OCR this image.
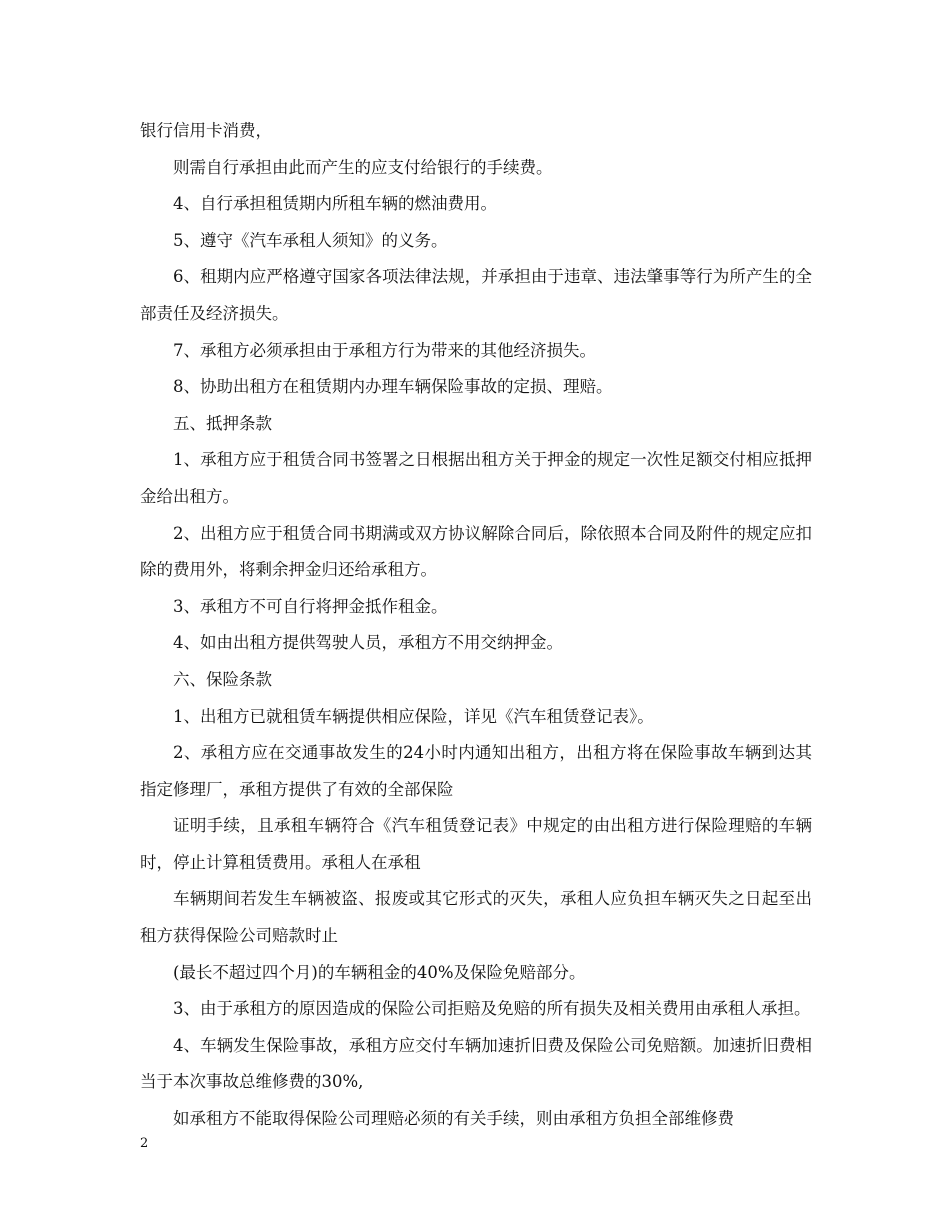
银行信用卡消费，

则需自行承担由此而产生的应支付给银行的手续费。

4、自行承担租赁期内所租车辆的燃油费用。

5、遵守《汽车承租人须知》的义务。

6、租期内应严格遵守国家各项法律法规，并承担由于违章、违法肇事等行为所产生的全部责任及经济损失。

7、承租方必须承担由于承租方行为带来的其他经济损失。

8、协助出租方在租赁期内办理车辆保险事故的定损、理赔。

五、抵押条款

1、承租方应于租赁合同书签署之日根据出租方关于押金的规定一次性足额交付相应抵押金给出租方。

2、出租方应于租赁合同书期满或双方协议解除合同后，除依照本合同及附件的规定应扣除的费用外，将剩余押金归还给承租方。

3、承租方不可自行将押金抵作租金。

4、如由出租方提供驾驶人员，承租方不用交纳押金。

六、保险条款

1、出租方已就租赁车辆提供相应保险，详见《汽车租赁登记表》。

2、承租方应在交通事故发生的24小时内通知出租方，出租方将在保险事故车辆到达其指定修理厂，承租方提供了有效的全部保险

证明手续，且承租车辆符合《汽车租赁登记表》中规定的由出租方进行保险理赔的车辆时，停止计算租赁费用。承租人在承租

车辆期间若发生车辆被盗、报废或其它形式的灭失，承租人应负担车辆灭失之日起至出租方获得保险公司赔款时止

(最长不超过四个月)的车辆租金的40%及保险免赔部分。

3、由于承租方的原因造成的保险公司拒赔及免赔的所有损失及相关费用由承租人承担。

4、车辆发生保险事故，承租方应交付车辆加速折旧费及保险公司免赔额。加速折旧费相当于本次事故总维修费的30%,

如承租方不能取得保险公司理赔必须的有关手续，则由承租方负担全部维修费

2
